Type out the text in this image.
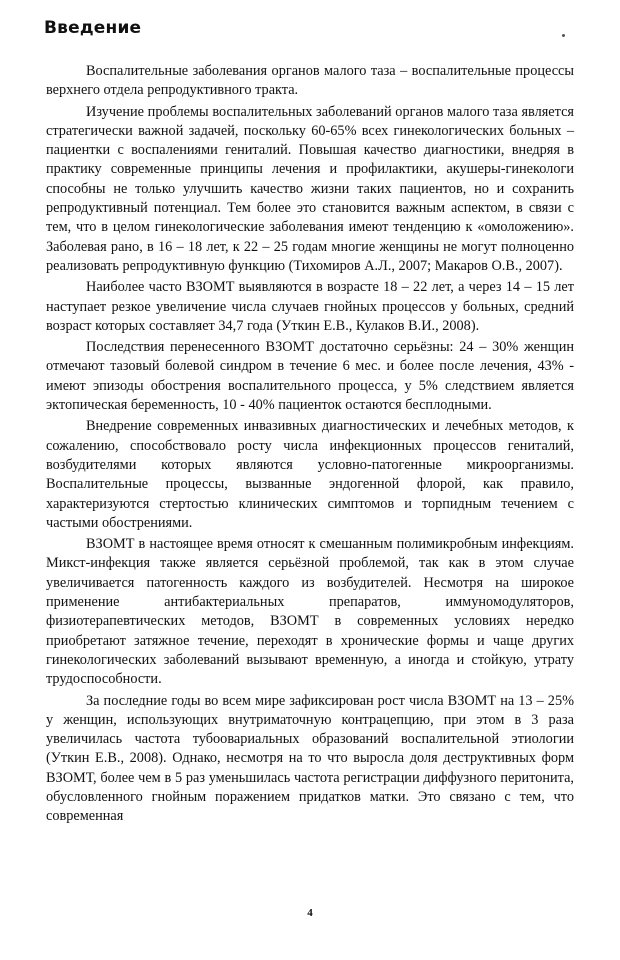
Введение

Воспалительные заболевания органов малого таза – воспалительные процессы верхнего отдела репродуктивного тракта.

Изучение проблемы воспалительных заболеваний органов малого таза является стратегически важной задачей, поскольку 60-65% всех гинекологических больных – пациентки с воспалениями гениталий. Повышая качество диагностики, внедряя в практику современные принципы лечения и профилактики, акушеры-гинекологи способны не только улучшить качество жизни таких пациентов, но и сохранить репродуктивный потенциал. Тем более это становится важным аспектом, в связи с тем, что в целом гинекологические заболевания имеют тенденцию к «омоложению». Заболевая рано, в 16 – 18 лет, к 22 – 25 годам многие женщины не могут полноценно реализовать репродуктивную функцию (Тихомиров А.Л., 2007; Макаров О.В., 2007).

Наиболее часто ВЗОМТ выявляются в возрасте 18 – 22 лет, а через 14 – 15 лет наступает резкое увеличение числа случаев гнойных процессов у больных, средний возраст которых составляет 34,7 года (Уткин Е.В., Кулаков В.И., 2008).

Последствия перенесенного ВЗОМТ достаточно серьёзны: 24 – 30% женщин отмечают тазовый болевой синдром в течение 6 мес. и более после лечения, 43% - имеют эпизоды обострения воспалительного процесса, у 5% следствием является эктопическая беременность, 10 - 40% пациенток остаются бесплодными.

Внедрение современных инвазивных диагностических и лечебных методов, к сожалению, способствовало росту числа инфекционных процессов гениталий, возбудителями которых являются условно-патогенные микроорганизмы. Воспалительные процессы, вызванные эндогенной флорой, как правило, характеризуются стертостью клинических симптомов и торпидным течением с частыми обострениями.

ВЗОМТ в настоящее время относят к смешанным полимикробным инфекциям. Микст-инфекция также является серьёзной проблемой, так как в этом случае увеличивается патогенность каждого из возбудителей. Несмотря на широкое применение антибактериальных препаратов, иммуномодуляторов, физиотерапевтических методов, ВЗОМТ в современных условиях нередко приобретают затяжное течение, переходят в хронические формы и чаще других гинекологических заболеваний вызывают временную, а иногда и стойкую, утрату трудоспособности.

За последние годы во всем мире зафиксирован рост числа ВЗОМТ на 13 – 25% у женщин, использующих внутриматочную контрацепцию, при этом в 3 раза увеличилась частота тубоовариальных образований воспалительной этиологии (Уткин Е.В., 2008). Однако, несмотря на то что выросла доля деструктивных форм ВЗОМТ, более чем в 5 раз уменьшилась частота регистрации диффузного перитонита, обусловленного гнойным поражением придатков матки. Это связано с тем, что современная

4
